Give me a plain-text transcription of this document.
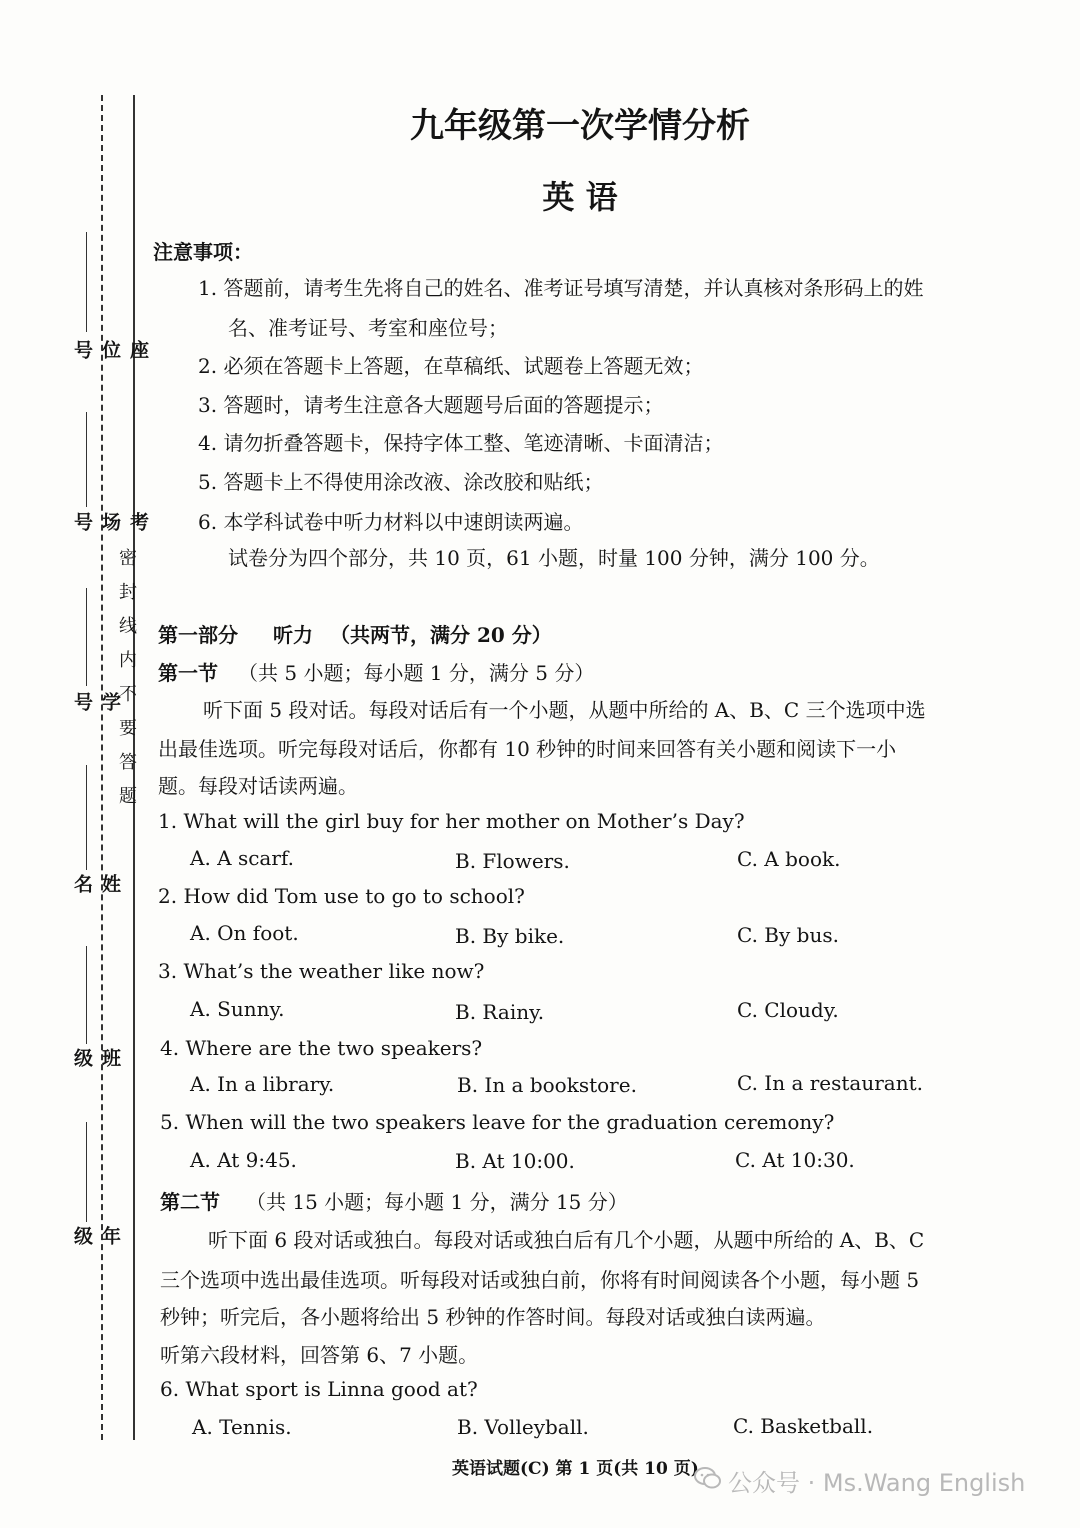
座位号
考场号
学 号
姓 名
班 级
年 级
密封线内不要答题
九年级第一次学情分析
英 语
注意事项：
1. 答题前，请考生先将自己的姓名、准考证号填写清楚，并认真核对条形码上的姓
名、准考证号、考室和座位号；
2. 必须在答题卡上答题，在草稿纸、试题卷上答题无效；
3. 答题时，请考生注意各大题题号后面的答题提示；
4. 请勿折叠答题卡，保持字体工整、笔迹清晰、卡面清洁；
5. 答题卡上不得使用涂改液、涂改胶和贴纸；
6. 本学科试卷中听力材料以中速朗读两遍。
试卷分为四个部分，共 10 页，61 小题，时量 100 分钟，满分 100 分。
第一部分 听力 （共两节，满分 20 分）
第一节 （共 5 小题；每小题 1 分，满分 5 分）
听下面 5 段对话。每段对话后有一个小题，从题中所给的 A、B、C 三个选项中选
出最佳选项。听完每段对话后，你都有 10 秒钟的时间来回答有关小题和阅读下一小
题。每段对话读两遍。
1. What will the girl buy for her mother on Mother’s Day?
A. A scarf.	B. Flowers.	C. A book.
2. How did Tom use to go to school?
A. On foot.	B. By bike.	C. By bus.
3. What’s the weather like now?
A. Sunny.	B. Rainy.	C. Cloudy.
4. Where are the two speakers?
A. In a library.	B. In a bookstore.	C. In a restaurant.
5. When will the two speakers leave for the graduation ceremony?
A. At 9:45.	B. At 10:00.	C. At 10:30.
第二节 （共 15 小题；每小题 1 分，满分 15 分）
听下面 6 段对话或独白。每段对话或独白后有几个小题，从题中所给的 A、B、C
三个选项中选出最佳选项。听每段对话或独白前，你将有时间阅读各个小题，每小题 5
秒钟；听完后，各小题将给出 5 秒钟的作答时间。每段对话或独白读两遍。
听第六段材料，回答第 6、7 小题。
6. What sport is Linna good at?
A. Tennis.	B. Volleyball.	C. Basketball.
英语试题(C) 第 1 页(共 10 页) 公众号 · Ms.Wang English
